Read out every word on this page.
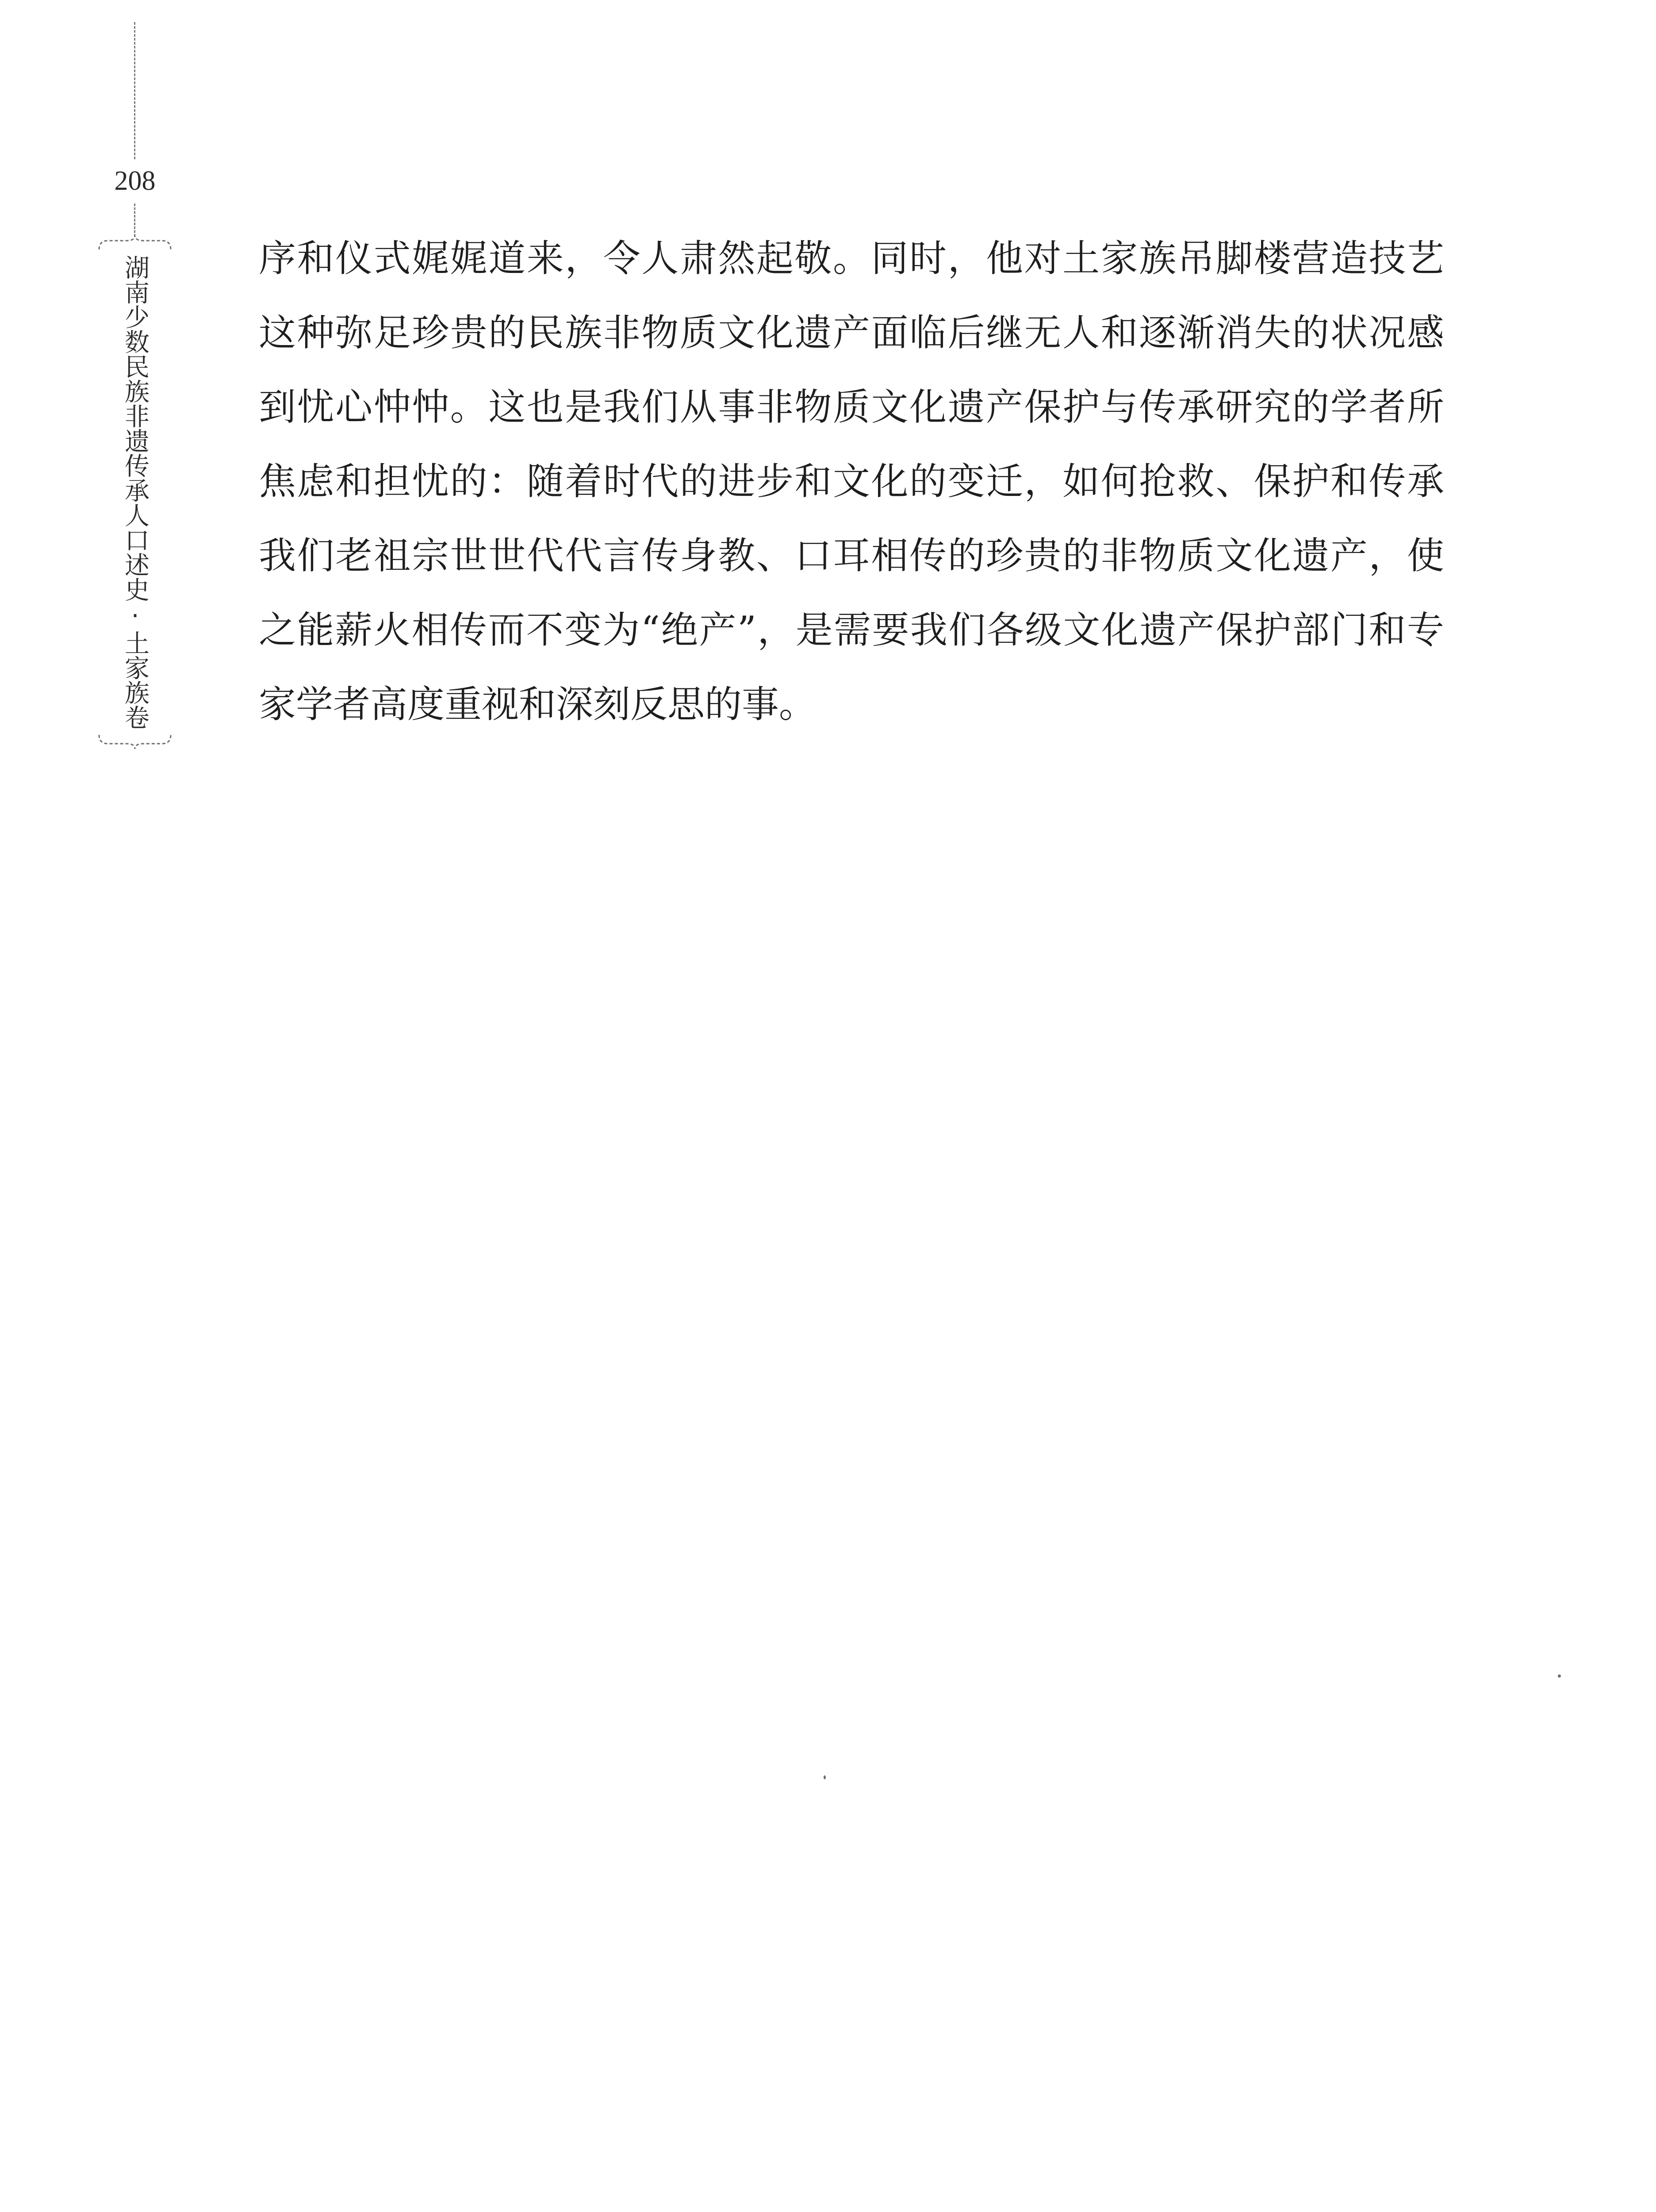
208
湖南少数民族非遗传承人口述史·土家族卷	序和仪式娓娓道来，令人肃然起敬。同时，他对土家族吊脚楼营造技艺
这种弥足珍贵的民族非物质文化遗产面临后继无人和逐渐消失的状况感
到忧心忡忡。这也是我们从事非物质文化遗产保护与传承研究的学者所
焦虑和担忧的：随着时代的进步和文化的变迁，如何抢救、保护和传承
我们老祖宗世世代代言传身教、口耳相传的珍贵的非物质文化遗产，使
之能薪火相传而不变为“绝产”，是需要我们各级文化遗产保护部门和专
家学者高度重视和深刻反思的事。
